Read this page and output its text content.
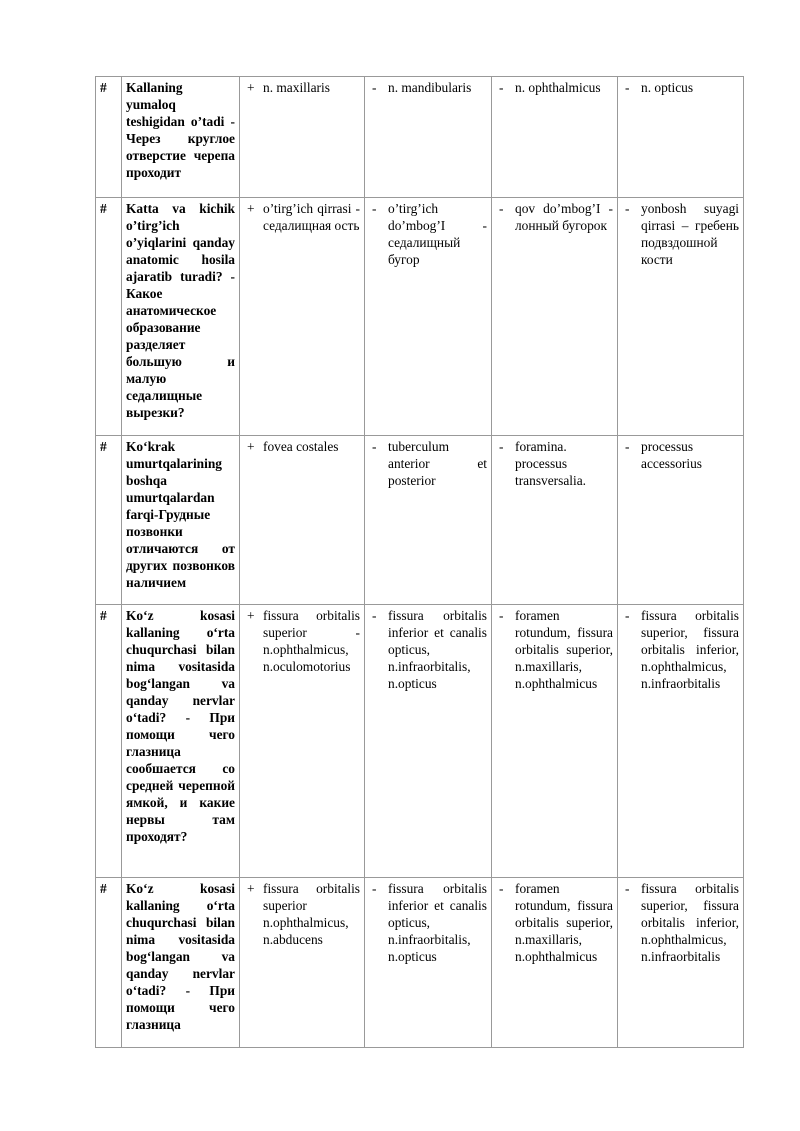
#	Kallaning yumaloq teshigidan o’tadi - Через круглое отверстие черепа проходит	+ n. maxillaris	- n. mandibularis	- n. ophthalmicus	- n. opticus

#	Katta va kichik o’tirg’ich o’yiqlarini qanday anatomic hosila ajaratib turadi? - Какое анатомическое образование разделяет большую и малую седалищные вырезки?	+ o’tirg’ich qirrasi - седалищная ость	- o’tirg’ich do’mbog’I - седалищный бугор	- qov do’mbog’I - лонный бугорок	- yonbosh suyagi qirrasi – гребень подвздошной кости

#	Ko‘krak umurtqalarining boshqa umurtqalardan farqi-Грудные позвонки отличаются от других позвонков наличием	+ fovea costales	- tuberculum anterior et posterior	- foramina. processus transversalia.	- processus accessorius

#	Ko‘z kosasi kallaning o‘rta chuqurchasi bilan nima vositasida bog‘langan va qanday nervlar o‘tadi? - При помощи чего глазница сообшается со средней черепной ямкой, и какие нервы там проходят?	+ fissura orbitalis superior - n.ophthalmicus, n.oculomotorius	- fissura orbitalis inferior et canalis opticus, n.infraorbitalis, n.opticus	- foramen rotundum, fissura orbitalis superior, n.maxillaris, n.ophthalmicus	- fissura orbitalis superior, fissura orbitalis inferior, n.ophthalmicus, n.infraorbitalis

#	Ko‘z kosasi kallaning o‘rta chuqurchasi bilan nima vositasida bog‘langan va qanday nervlar o‘tadi? - При помощи чего глазница	+ fissura orbitalis superior n.ophthalmicus, n.abducens	- fissura orbitalis inferior et canalis opticus, n.infraorbitalis, n.opticus	- foramen rotundum, fissura orbitalis superior, n.maxillaris, n.ophthalmicus	- fissura orbitalis superior, fissura orbitalis inferior, n.ophthalmicus, n.infraorbitalis
